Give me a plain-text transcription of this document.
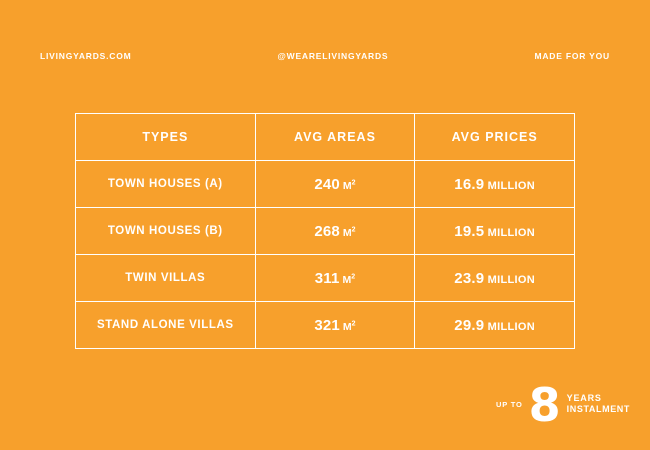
LIVINGYARDS.COM	@WEARELIVINGYARDS	MADE FOR YOU
TYPES	AVG AREAS	AVG PRICES
TOWN HOUSES (A)	240 $M^2$	16.9 MILLION
TOWN HOUSES (B)	268 $M^2$	19.5 MILLION
TWIN VILLAS	311 $M^2$	23.9 MILLION
STAND ALONE VILLAS	321 $M^2$	29.9 MILLION
UP TO 8 YEARS
INSTALMENT
